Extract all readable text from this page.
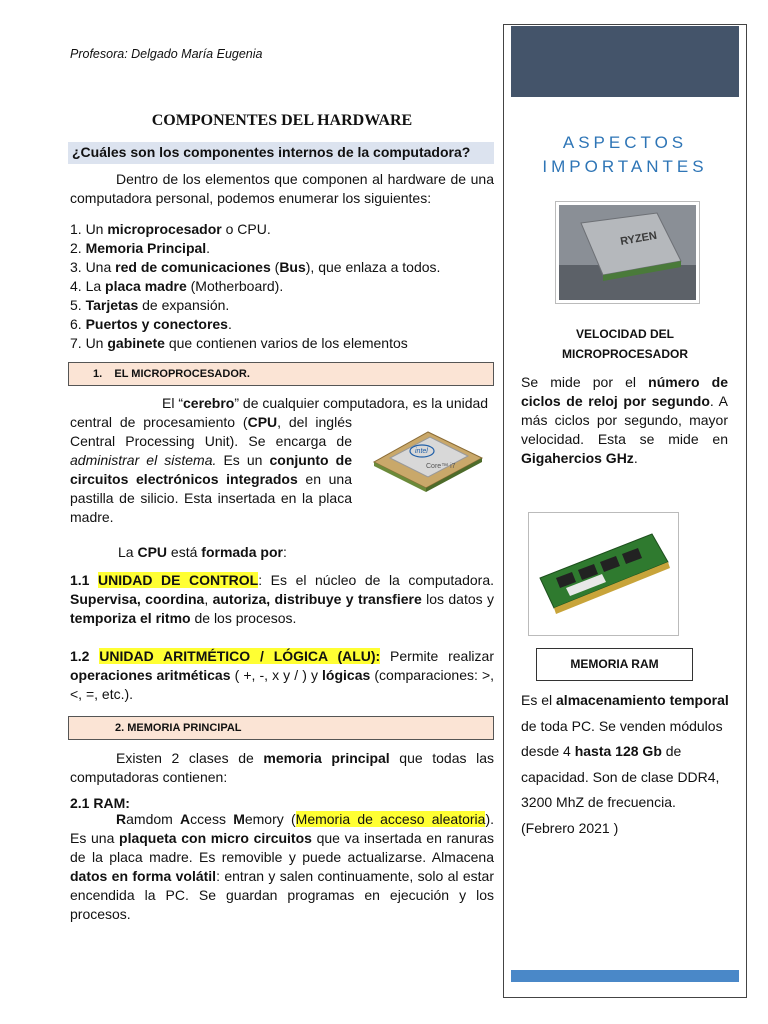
Profesora: Delgado María Eugenia
COMPONENTES DEL HARDWARE
¿Cuáles son los componentes internos de la computadora?

Dentro de los elementos que componen al hardware de una computadora personal, podemos enumerar los siguientes:

1. Un microprocesador o CPU.
2. Memoria Principal.
3. Una red de comunicaciones (Bus), que enlaza a todos.
4. La placa madre (Motherboard).
5. Tarjetas de expansión.
6. Puertos y conectores.
7. Un gabinete que contienen varios de los elementos
1.    EL MICROPROCESADOR.

El “cerebro” de cualquier computadora, es la unidad

central de procesamiento (CPU, del inglés Central Processing Unit). Se encarga de administrar el sistema. Es un conjunto de circuitos electrónicos integrados en una pastilla de silicio. Esta insertada en la placa madre.

intel
Core™ i7

La CPU está formada por:

1.1 UNIDAD DE CONTROL: Es el núcleo de la computadora. Supervisa, coordina, autoriza, distribuye y transfiere los datos y temporiza el ritmo de los procesos.

1.2 UNIDAD ARITMÉTICO / LÓGICA (ALU): Permite realizar operaciones aritméticas ( +, -, x y / ) y lógicas (comparaciones: >, <, =, etc.).

2. MEMORIA PRINCIPAL

Existen 2 clases de memoria principal que todas las computadoras contienen:

2.1 RAM:

Ramdom Access Memory (Memoria de acceso aleatoria). Es una plaqueta con micro circuitos que va insertada en ranuras de la placa madre. Es removible y puede actualizarse. Almacena datos en forma volátil: entran y salen continuamente, solo al estar encendida la PC. Se guardan programas en ejecución y los procesos.

ASPECTOS
IMPORTANTES
RYZEN
VELOCIDAD DEL
MICROPROCESADOR

Se mide por el número de ciclos de reloj por segundo. A más ciclos por segundo, mayor velocidad. Esta se mide en Gigahercios GHz.

MEMORIA RAM

Es el almacenamiento temporal de toda PC. Se venden módulos desde 4 hasta 128 Gb de capacidad. Son de clase DDR4, 3200 MhZ de frecuencia. (Febrero 2021 )
